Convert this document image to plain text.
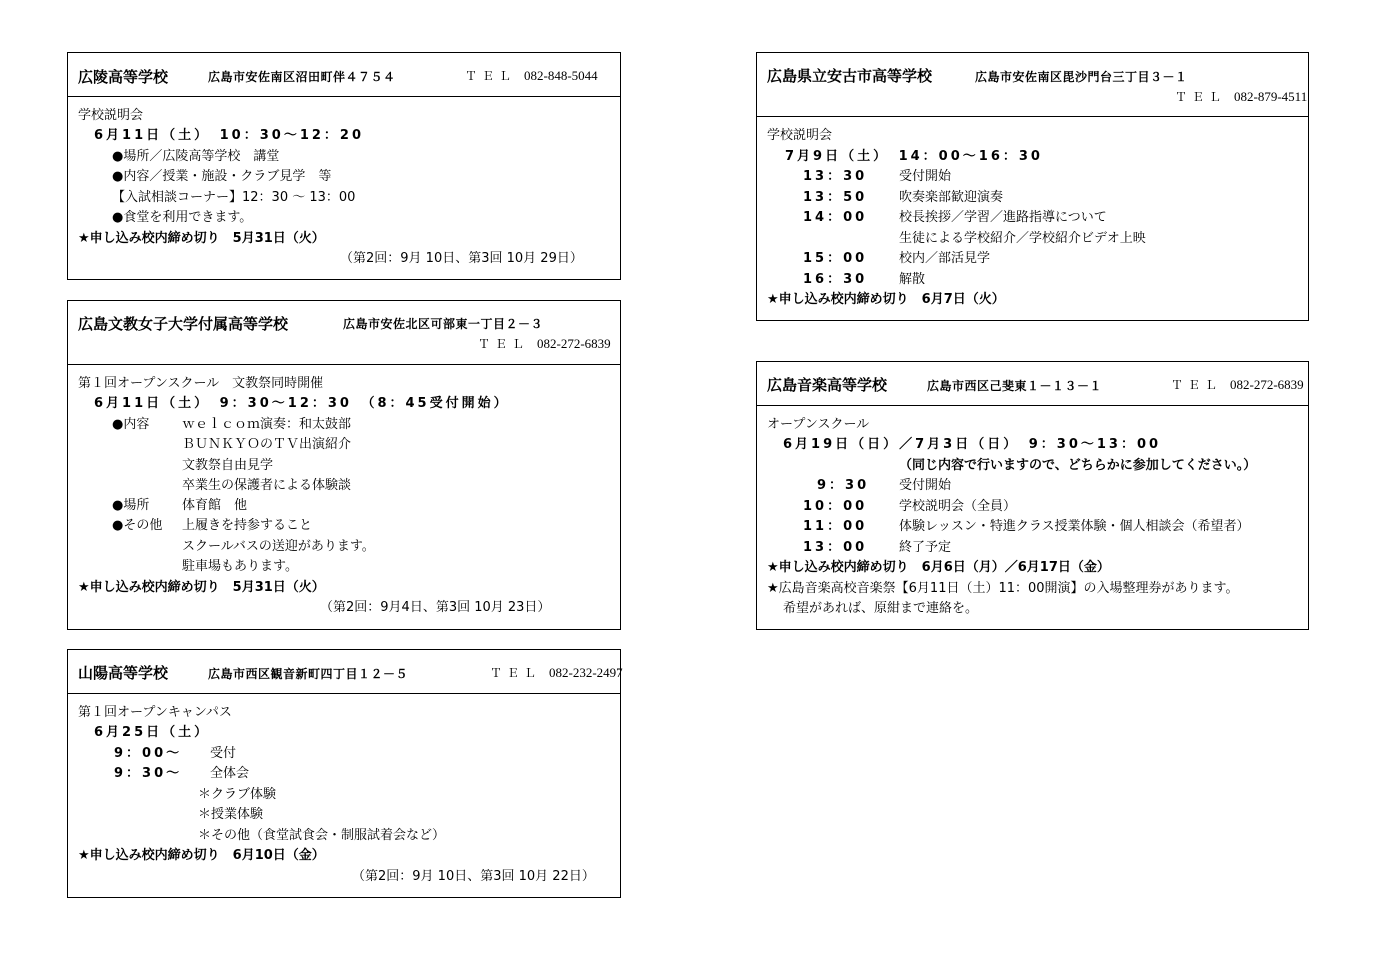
広陵高等学校	広島市安佐南区沼田町伴４７５４	ＴＥＬ 082-848-5044
学校説明会
6月11日（土）　10：30～12：20
●場所／広陵高等学校　講堂
●内容／授業・施設・クラブ見学　等
【入試相談コーナー】12：30 ～ 13：00
●食堂を利用できます。
★申し込み校内締め切り　5月31日（火）
（第2回：9月 10日、第3回 10月 29日）
広島文教女子大学付属高等学校	広島市安佐北区可部東一丁目２－３
ＴＥＬ 082-272-6839
第１回オープンスクール　文教祭同時開催
6月11日（土）　9：30～12：30　（8：45受付開始）
●内容	ｗｅｌｃｏｍ演奏：和太鼓部
ＢＵＮＫＹＯのＴＶ出演紹介
文教祭自由見学
卒業生の保護者による体験談
●場所	体育館　他
●その他 上履きを持参すること
スクールバスの送迎があります。
駐車場もあります。
★申し込み校内締め切り　5月31日（火）
（第2回：9月4日、第3回 10月 23日）
山陽高等学校	広島市西区観音新町四丁目１２－５	ＴＥＬ 082-232-2497
第１回オープンキャンパス
6月25日（土）
9：00～ 受付
9：30～ 全体会
＊クラブ体験
＊授業体験
＊その他（食堂試食会・制服試着会など）
★申し込み校内締め切り　6月10日（金）
（第2回：9月 10日、第3回 10月 22日）
広島県立安古市高等学校	広島市安佐南区毘沙門台三丁目３－１
ＴＥＬ 082-879-4511
学校説明会
7月9日（土）　14：00～16：30
13：30 受付開始
13：50 吹奏楽部歓迎演奏
14：00 校長挨拶／学習／進路指導について
生徒による学校紹介／学校紹介ビデオ上映
15：00 校内／部活見学
16：30 解散
★申し込み校内締め切り　6月7日（火）
広島音楽高等学校	広島市西区己斐東１－１３－１	ＴＥＬ 082-272-6839
オープンスクール
6月19日（日）／7月3日（日）　9：30～13：00
（同じ内容で行いますので、どちらかに参加してください。）
9：30 受付開始
10：00 学校説明会（全員）
11：00 体験レッスン・特進クラス授業体験・個人相談会（希望者）
13：00 終了予定
★申し込み校内締め切り　6月6日（月）／6月17日（金）
★広島音楽高校音楽祭【6月11日（土）11：00開演】の入場整理券があります。
希望があれば、原紺まで連絡を。
